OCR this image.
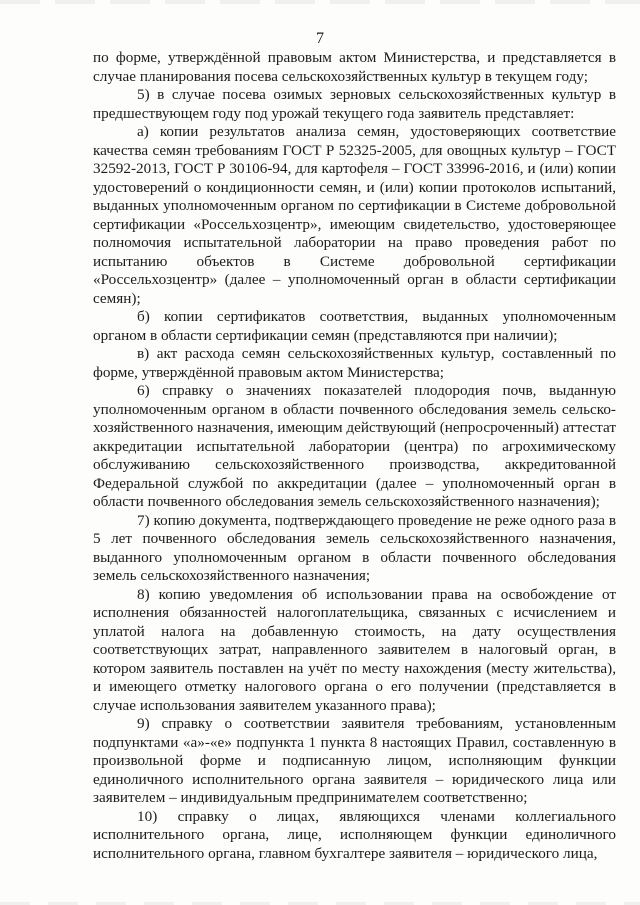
7

по форме, утверждённой правовым актом Министерства, и представляется в случае планирования посева сельскохозяйственных культур в текущем году;

5) в случае посева озимых зерновых сельскохозяйственных культур в предшествующем году под урожай текущего года заявитель представляет:

а) копии результатов анализа семян, удостоверяющих соответствие качества семян требованиям ГОСТ Р 52325-2005, для овощных культур – ГОСТ 32592-2013, ГОСТ Р 30106-94, для картофеля – ГОСТ 33996-2016, и (или) копии удостоверений о кондиционности семян, и (или) копии протоколов испытаний, выданных уполномоченным органом по сертификации в Системе добровольной сертификации «Россельхозцентр», имеющим свидетельство, удостоверяющее полномочия испытательной лаборатории на право проведения работ по испытанию объектов в Системе добровольной сертификации «Россельхозцентр» (далее – уполномоченный орган в области сертификации семян);

б) копии сертификатов соответствия, выданных уполномоченным органом в области сертификации семян (представляются при наличии);

в) акт расхода семян сельскохозяйственных культур, составленный по форме, утверждённой правовым актом Министерства;

6) справку о значениях показателей плодородия почв, выданную уполномоченным органом в области почвенного обследования земель сельско-хозяйственного назначения, имеющим действующий (непросроченный) аттестат аккредитации испытательной лаборатории (центра) по агрохимическому обслуживанию сельскохозяйственного производства, аккредитованной Федеральной службой по аккредитации (далее – уполномоченный орган в области почвенного обследования земель сельскохозяйственного назначения);

7) копию документа, подтверждающего проведение не реже одного раза в 5 лет почвенного обследования земель сельскохозяйственного назначения, выданного уполномоченным органом в области почвенного обследования земель сельскохозяйственного назначения;

8) копию уведомления об использовании права на освобождение от исполнения обязанностей налогоплательщика, связанных с исчислением и уплатой налога на добавленную стоимость, на дату осуществления соответствующих затрат, направленного заявителем в налоговый орган, в котором заявитель поставлен на учёт по месту нахождения (месту жительства), и имеющего отметку налогового органа о его получении (представляется в случае использования заявителем указанного права);

9) справку о соответствии заявителя требованиям, установленным подпунктами «а»-«е» подпункта 1 пункта 8 настоящих Правил, составленную в произвольной форме и подписанную лицом, исполняющим функции единоличного исполнительного органа заявителя – юридического лица или заявителем – индивидуальным предпринимателем соответственно;

10) справку о лицах, являющихся членами коллегиального исполнительного органа, лице, исполняющем функции единоличного исполнительного органа, главном бухгалтере заявителя – юридического лица,
